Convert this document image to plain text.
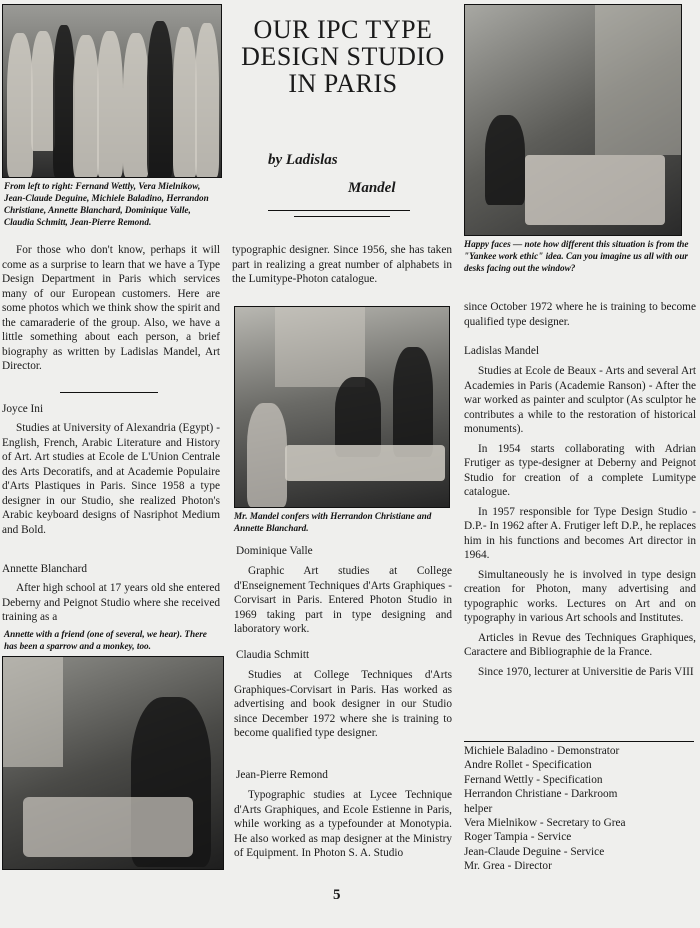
From left to right: Fernand Wettly, Vera Mielnikow, Jean-Claude Deguine, Michiele Baladino, Herrandon Christiane, Annette Blanchard, Dominique Valle, Claudia Schmitt, Jean-Pierre Remond.

For those who don't know, perhaps it will come as a surprise to learn that we have a Type Design Department in Paris which services many of our European customers. Here are some photos which we think show the spirit and the camaraderie of the group. Also, we have a little something about each person, a brief biography as written by Ladislas Mandel, Art Director.

Joyce Ini

Studies at University of Alexandria (Egypt) - English, French, Arabic Literature and History of Art. Art studies at Ecole de L'Union Centrale des Arts Decoratifs, and at Academie Populaire d'Arts Plastiques in Paris. Since 1958 a type designer in our Studio, she realized Photon's Arabic keyboard designs of Nasriphot Medium and Bold.

Annette Blanchard

After high school at 17 years old she entered Deberny and Peignot Studio where she received training as a

Annette with a friend (one of several, we hear). There has been a sparrow and a monkey, too.
OUR IPC TYPE DESIGN STUDIO IN PARIS
by Ladislas
Mandel

typographic designer. Since 1956, she has taken part in realizing a great number of alphabets in the Lumitype-Photon catalogue.

Mr. Mandel confers with Herrandon Christiane and Annette Blanchard.
Dominique Valle

Graphic Art studies at College d'Enseignement Techniques d'Arts Graphiques - Corvisart in Paris. Entered Photon Studio in 1969 taking part in type designing and laboratory work.

Claudia Schmitt

Studies at College Techniques d'Arts Graphiques-Corvisart in Paris. Has worked as advertising and book designer in our Studio since December 1972 where she is training to become qualified type designer.

Jean-Pierre Remond

Typographic studies at Lycee Technique d'Arts Graphiques, and Ecole Estienne in Paris, while working as a typefounder at Monotypia. He also worked as map designer at the Ministry of Equipment. In Photon S. A. Studio

Happy faces — note how different this situation is from the "Yankee work ethic" idea. Can you imagine us all with our desks facing out the window?

since October 1972 where he is training to become qualified type designer.

Ladislas Mandel

Studies at Ecole de Beaux - Arts and several Art Academies in Paris (Academie Ranson) - After the war worked as painter and sculptor (As sculptor he contributes a while to the restoration of historical monuments).

In 1954 starts collaborating with Adrian Frutiger as type-designer at Deberny and Peignot Studio for creation of a complete Lumitype catalogue.

In 1957 responsible for Type Design Studio -D.P.- In 1962 after A. Frutiger left D.P., he replaces him in his functions and becomes Art director in 1964.

Simultaneously he is involved in type design creation for Photon, many advertising and typographic works. Lectures on Art and on typography in various Art schools and Institutes.

Articles in Revue des Techniques Graphiques, Caractere and Bibliographie de la France.

Since 1970, lecturer at Universitie de Paris VIII

Michiele Baladino - Demonstrator
Andre Rollet - Specification
Fernand Wettly - Specification
Herrandon Christiane - Darkroom
helper
Vera Mielnikow - Secretary to Grea
Roger Tampia - Service
Jean-Claude Deguine - Service
Mr. Grea - Director
5
